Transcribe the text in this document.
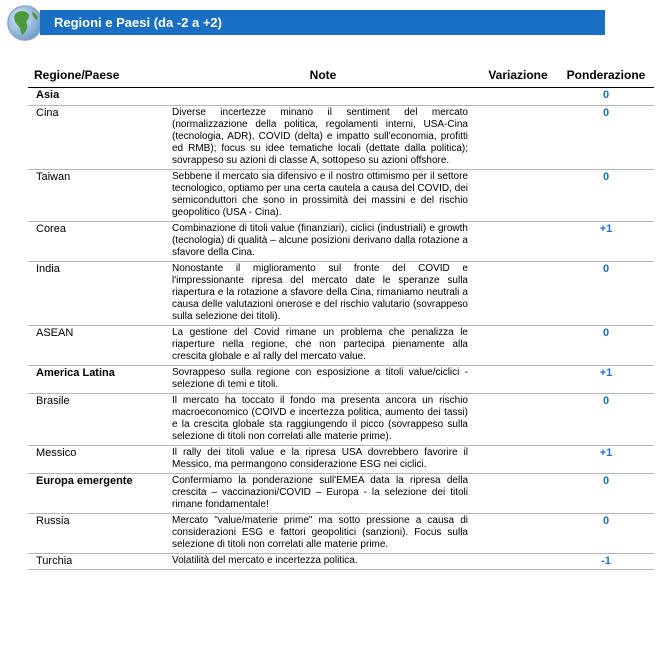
Regioni e Paesi (da -2 a +2)
Regione/Paese	Note	Variazione	Ponderazione
Asia			0
Cina	Diverse incertezze minano il sentiment del mercato (normalizzazione della politica, regolamenti interni, USA-Cina (tecnologia, ADR), COVID (delta) e impatto sull'economia, profitti ed RMB); focus su idee tematiche locali (dettate dalla politica); sovrappeso su azioni di classe A, sottopeso su azioni offshore.		0
Taiwan	Sebbene il mercato sia difensivo e il nostro ottimismo per il settore tecnologico, optiamo per una certa cautela a causa del COVID, dei semiconduttori che sono in prossimità dei massini e del rischio geopolitico (USA - Cina).		0
Corea	Combinazione di titoli value (finanziari), ciclici (industriali) e growth (tecnologia) di qualità – alcune posizioni derivano dalla rotazione a sfavore della Cina.		+1
India	Nonostante il miglioramento sul fronte del COVID e l'impressionante ripresa del mercato date le speranze sulla riapertura e la rotazione a sfavore della Cina, rimaniamo neutrali a causa delle valutazioni onerose e del rischio valutario (sovrappeso sulla selezione dei titoli).		0
ASEAN	La gestione del Covid rimane un problema che penalizza le riaperture nella regione, che non partecipa pienamente alla crescita globale e al rally del mercato value.		0
America Latina	Sovrappeso sulla regione con esposizione a titoli value/ciclici - selezione di temi e titoli.		+1
Brasile	Il mercato ha toccato il fondo ma presenta ancora un rischio macroeconomico (COIVD e incertezza politica, aumento dei tassi) e la crescita globale sta raggiungendo il picco (sovrappeso sulla selezione di titoli non correlati alle materie prime).		0
Messico	Il rally dei titoli value e la ripresa USA dovrebbero favorire il Messico, ma permangono considerazione ESG nei ciclici.		+1
Europa emergente	Confermiamo la ponderazione sull'EMEA data la ripresa della crescita – vaccinazioni/COVID – Europa - la selezione dei titoli rimane fondamentale!		0
Russia	Mercato "value/materie prime" ma sotto pressione a causa di considerazioni ESG e fattori geopolitici (sanzioni). Focus sulla selezione di titoli non correlati alle materie prime.		0
Turchia	Volatilità del mercato e incertezza politica.		-1
